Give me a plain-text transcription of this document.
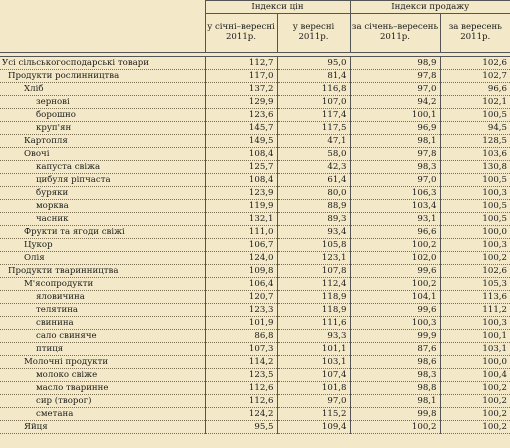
	Індекси цін		Індекси продажу	
	у січні–вересні 2011р.	у вересні 2011р.	за січень–вересень 2011р.	за вересень 2011р.

Усі сільськогосподарські товари	112,7	95,0	98,9	102,6
Продукти рослинництва	117,0	81,4	97,8	102,7
Хліб	137,2	116,8	97,0	96,6
зернові	129,9	107,0	94,2	102,1
борошно	123,6	117,4	100,1	100,5
круп'ян	145,7	117,5	96,9	94,5
Картопля	149,5	47,1	98,1	128,5
Овочі	108,4	58,0	97,8	103,6
капуста свіжа	125,7	42,3	98,3	130,8
цибуля ріпчаста	108,4	61,4	97,0	100,5
буряки	123,9	80,0	106,3	100,3
морква	119,9	88,9	103,4	100,5
часник	132,1	89,3	93,1	100,5
Фрукти та ягоди свіжі	111,0	93,4	96,6	100,0
Цукор	106,7	105,8	100,2	100,3
Олія	124,0	123,1	102,0	100,2
Продукти тваринництва	109,8	107,8	99,6	102,6
М'ясопродукти	106,4	112,4	100,2	105,3
яловичина	120,7	118,9	104,1	113,6
телятина	123,3	118,9	99,6	111,2
свинина	101,9	111,6	100,3	100,3
сало свиняче	86,8	93,3	99,9	100,1
птиця	107,3	101,1	87,6	103,1
Молочні продукти	114,2	103,1	98,6	100,0
молоко свіже	123,5	107,4	98,3	100,4
масло тваринне	112,6	101,8	98,8	100,2
сир (творог)	112,6	97,0	98,1	100,2
сметана	124,2	115,2	99,8	100,2
Яйця	95,5	109,4	100,2	100,2
